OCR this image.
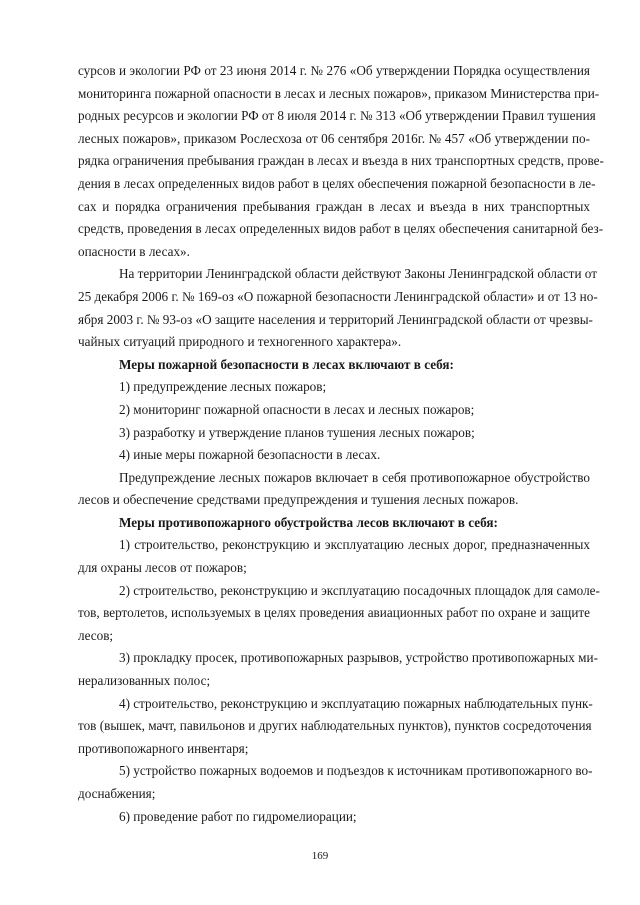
сурсов и экологии РФ от 23 июня 2014 г. № 276 «Об утверждении Порядка осуществления
мониторинга пожарной опасности в лесах и лесных пожаров», приказом Министерства при-
родных ресурсов и экологии РФ от 8 июля 2014 г. № 313 «Об утверждении Правил тушения
лесных пожаров», приказом Рослесхоза от 06 сентября 2016г. № 457 «Об утверждении по-
рядка ограничения пребывания граждан в лесах и въезда в них транспортных средств, прове-
дения в лесах определенных видов работ в целях обеспечения пожарной безопасности в ле-
сах и порядка ограничения пребывания граждан в лесах и въезда в них транспортных
средств, проведения в лесах определенных видов работ в целях обеспечения санитарной без-
опасности в лесах».
На территории Ленинградской области действуют Законы Ленинградской области от
25 декабря 2006 г. № 169-оз «О пожарной безопасности Ленинградской области» и от 13 но-
ября 2003 г. № 93-оз «О защите населения и территорий Ленинградской области от чрезвы-
чайных ситуаций природного и техногенного характера».
Меры пожарной безопасности в лесах включают в себя:
1) предупреждение лесных пожаров;
2) мониторинг пожарной опасности в лесах и лесных пожаров;
3) разработку и утверждение планов тушения лесных пожаров;
4) иные меры пожарной безопасности в лесах.
Предупреждение лесных пожаров включает в себя противопожарное обустройство
лесов и обеспечение средствами предупреждения и тушения лесных пожаров.
Меры противопожарного обустройства лесов включают в себя:
1) строительство, реконструкцию и эксплуатацию лесных дорог, предназначенных
для охраны лесов от пожаров;
2) строительство, реконструкцию и эксплуатацию посадочных площадок для самоле-
тов, вертолетов, используемых в целях проведения авиационных работ по охране и защите
лесов;
3) прокладку просек, противопожарных разрывов, устройство противопожарных ми-
нерализованных полос;
4) строительство, реконструкцию и эксплуатацию пожарных наблюдательных пунк-
тов (вышек, мачт, павильонов и других наблюдательных пунктов), пунктов сосредоточения
противопожарного инвентаря;
5) устройство пожарных водоемов и подъездов к источникам противопожарного во-
доснабжения;
6) проведение работ по гидромелиорации;
169
